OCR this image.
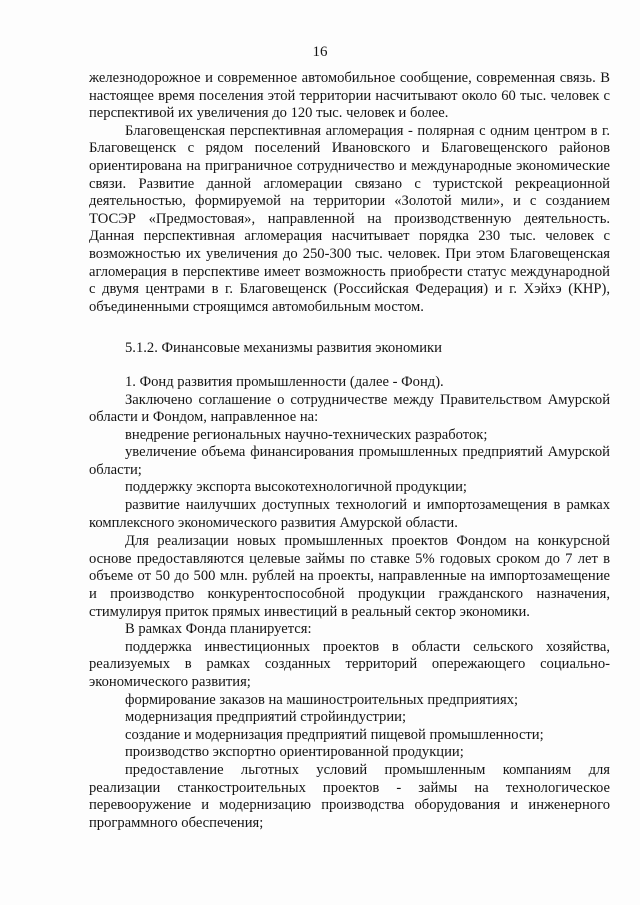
16

железнодорожное и современное автомобильное сообщение, современная связь. В настоящее время поселения этой территории насчитывают около 60 тыс. человек с перспективой их увеличения до 120 тыс. человек и более.

Благовещенская перспективная агломерация - полярная с одним центром в г. Благовещенск с рядом поселений Ивановского и Благовещенского районов ориентирована на приграничное сотрудничество и международные экономические связи. Развитие данной агломерации связано с туристской рекреационной деятельностью, формируемой на территории «Золотой мили», и с созданием ТОСЭР «Предмостовая», направленной на производственную деятельность. Данная перспективная агломерация насчитывает порядка 230 тыс. человек с возможностью их увеличения до 250-300 тыс. человек. При этом Благовещенская агломерация в перспективе имеет возможность приобрести статус международной с двумя центрами в г. Благовещенск (Российская Федерация) и г. Хэйхэ (КНР), объединенными строящимся автомобильным мостом.

5.1.2. Финансовые механизмы развития экономики

1. Фонд развития промышленности (далее - Фонд).

Заключено соглашение о сотрудничестве между Правительством Амурской области и Фондом, направленное на:

внедрение региональных научно-технических разработок;

увеличение объема финансирования промышленных предприятий Амурской области;

поддержку экспорта высокотехнологичной продукции;

развитие наилучших доступных технологий и импортозамещения в рамках комплексного экономического развития Амурской области.

Для реализации новых промышленных проектов Фондом на конкурсной основе предоставляются целевые займы по ставке 5% годовых сроком до 7 лет в объеме от 50 до 500 млн. рублей на проекты, направленные на импортозамещение и производство конкурентоспособной продукции гражданского назначения, стимулируя приток прямых инвестиций в реальный сектор экономики.

В рамках Фонда планируется:

поддержка инвестиционных проектов в области сельского хозяйства, реализуемых в рамках созданных территорий опережающего социально-экономического развития;

формирование заказов на машиностроительных предприятиях;

модернизация предприятий стройиндустрии;

создание и модернизация предприятий пищевой промышленности;

производство экспортно ориентированной продукции;

предоставление льготных условий промышленным компаниям для реализации станкостроительных проектов - займы на технологическое перевооружение и модернизацию производства оборудования и инженерного программного обеспечения;
